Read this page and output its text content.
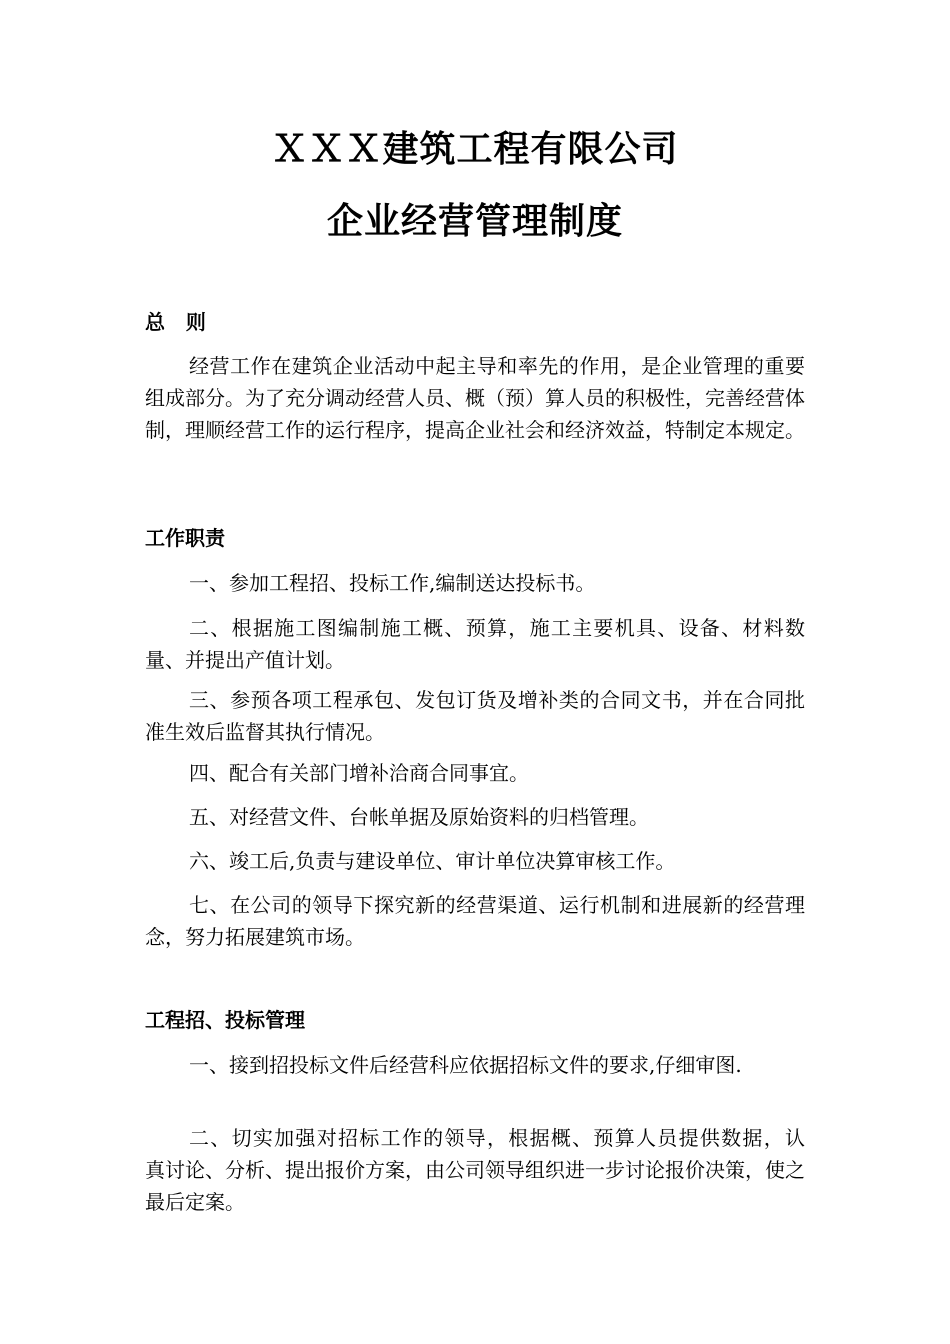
ＸＸＸ建筑工程有限公司
企业经营管理制度
总   则
经营工作在建筑企业活动中起主导和率先的作用，是企业管理的重要组成部分。为了充分调动经营人员、概（预）算人员的积极性，完善经营体制，理顺经营工作的运行程序，提高企业社会和经济效益，特制定本规定。
工作职责
一、参加工程招、投标工作,编制送达投标书。
二、根据施工图编制施工概、预算，施工主要机具、设备、材料数量、并提出产值计划。
三、参预各项工程承包、发包订货及增补类的合同文书，并在合同批准生效后监督其执行情况。
四、配合有关部门增补洽商合同事宜。
五、对经营文件、台帐单据及原始资料的归档管理。
六、竣工后,负责与建设单位、审计单位决算审核工作。
七、在公司的领导下探究新的经营渠道、运行机制和进展新的经营理念，努力拓展建筑市场。
工程招、投标管理
一、接到招投标文件后经营科应依据招标文件的要求,仔细审图.
二、切实加强对招标工作的领导，根据概、预算人员提供数据，认　真讨论、分析、提出报价方案，由公司领导组织进一步讨论报价决策，使之最后定案。
